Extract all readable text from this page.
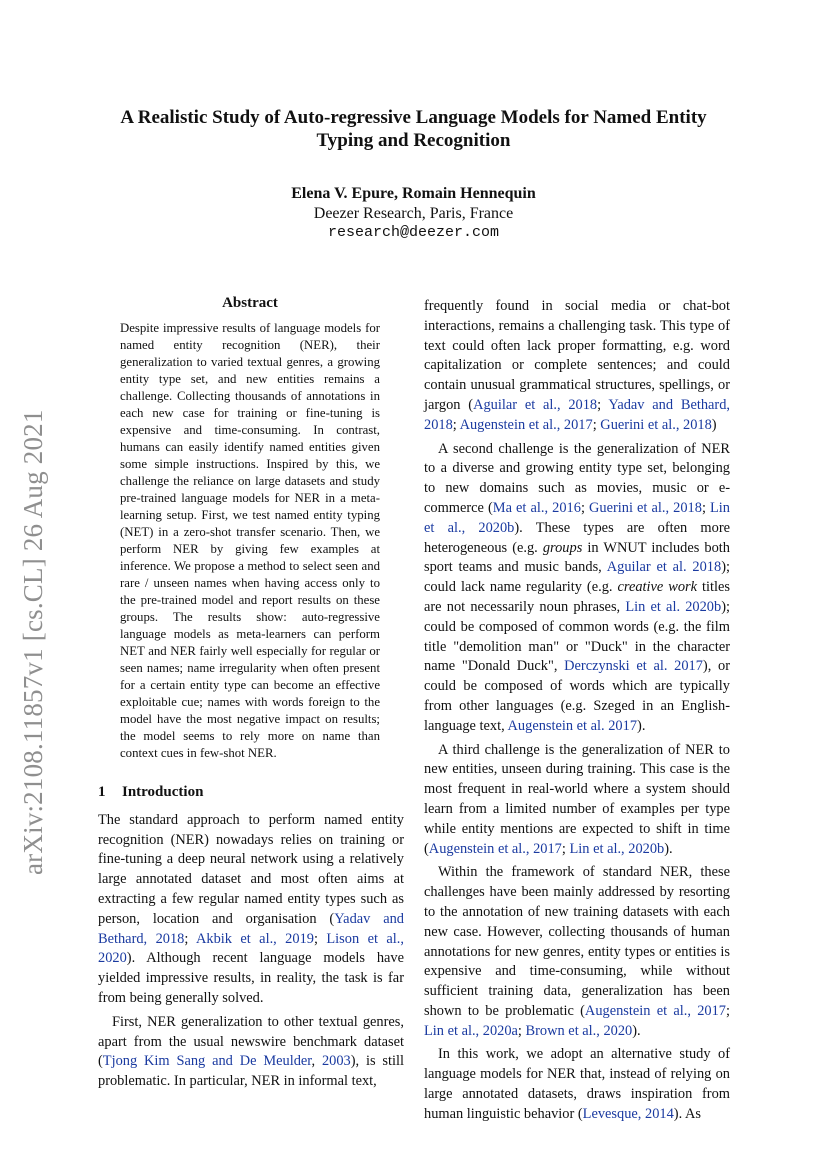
A Realistic Study of Auto-regressive Language Models for Named Entity Typing and Recognition
Elena V. Epure, Romain Hennequin
Deezer Research, Paris, France
research@deezer.com
arXiv:2108.11857v1 [cs.CL] 26 Aug 2021
Abstract

Despite impressive results of language models for named entity recognition (NER), their generalization to varied textual genres, a growing entity type set, and new entities remains a challenge. Collecting thousands of annotations in each new case for training or fine-tuning is expensive and time-consuming. In contrast, humans can easily identify named entities given some simple instructions. Inspired by this, we challenge the reliance on large datasets and study pre-trained language models for NER in a meta-learning setup. First, we test named entity typing (NET) in a zero-shot transfer scenario. Then, we perform NER by giving few examples at inference. We propose a method to select seen and rare / unseen names when having access only to the pre-trained model and report results on these groups. The results show: auto-regressive language models as meta-learners can perform NET and NER fairly well especially for regular or seen names; name irregularity when often present for a certain entity type can become an effective exploitable cue; names with words foreign to the model have the most negative impact on results; the model seems to rely more on name than context cues in few-shot NER.

1 Introduction

The standard approach to perform named entity recognition (NER) nowadays relies on training or fine-tuning a deep neural network using a relatively large annotated dataset and most often aims at extracting a few regular named entity types such as person, location and organisation (Yadav and Bethard, 2018; Akbik et al., 2019; Lison et al., 2020). Although recent language models have yielded impressive results, in reality, the task is far from being generally solved.

First, NER generalization to other textual genres, apart from the usual newswire benchmark dataset (Tjong Kim Sang and De Meulder, 2003), is still problematic. In particular, NER in informal text,

frequently found in social media or chat-bot interactions, remains a challenging task. This type of text could often lack proper formatting, e.g. word capitalization or complete sentences; and could contain unusual grammatical structures, spellings, or jargon (Aguilar et al., 2018; Yadav and Bethard, 2018; Augenstein et al., 2017; Guerini et al., 2018)

A second challenge is the generalization of NER to a diverse and growing entity type set, belonging to new domains such as movies, music or e-commerce (Ma et al., 2016; Guerini et al., 2018; Lin et al., 2020b). These types are often more heterogeneous (e.g. groups in WNUT includes both sport teams and music bands, Aguilar et al. 2018); could lack name regularity (e.g. creative work titles are not necessarily noun phrases, Lin et al. 2020b); could be composed of common words (e.g. the film title "demolition man" or "Duck" in the character name "Donald Duck", Derczynski et al. 2017), or could be composed of words which are typically from other languages (e.g. Szeged in an English-language text, Augenstein et al. 2017).

A third challenge is the generalization of NER to new entities, unseen during training. This case is the most frequent in real-world where a system should learn from a limited number of examples per type while entity mentions are expected to shift in time (Augenstein et al., 2017; Lin et al., 2020b).

Within the framework of standard NER, these challenges have been mainly addressed by resorting to the annotation of new training datasets with each new case. However, collecting thousands of human annotations for new genres, entity types or entities is expensive and time-consuming, while without sufficient training data, generalization has been shown to be problematic (Augenstein et al., 2017; Lin et al., 2020a; Brown et al., 2020).

In this work, we adopt an alternative study of language models for NER that, instead of relying on large annotated datasets, draws inspiration from human linguistic behavior (Levesque, 2014). As
